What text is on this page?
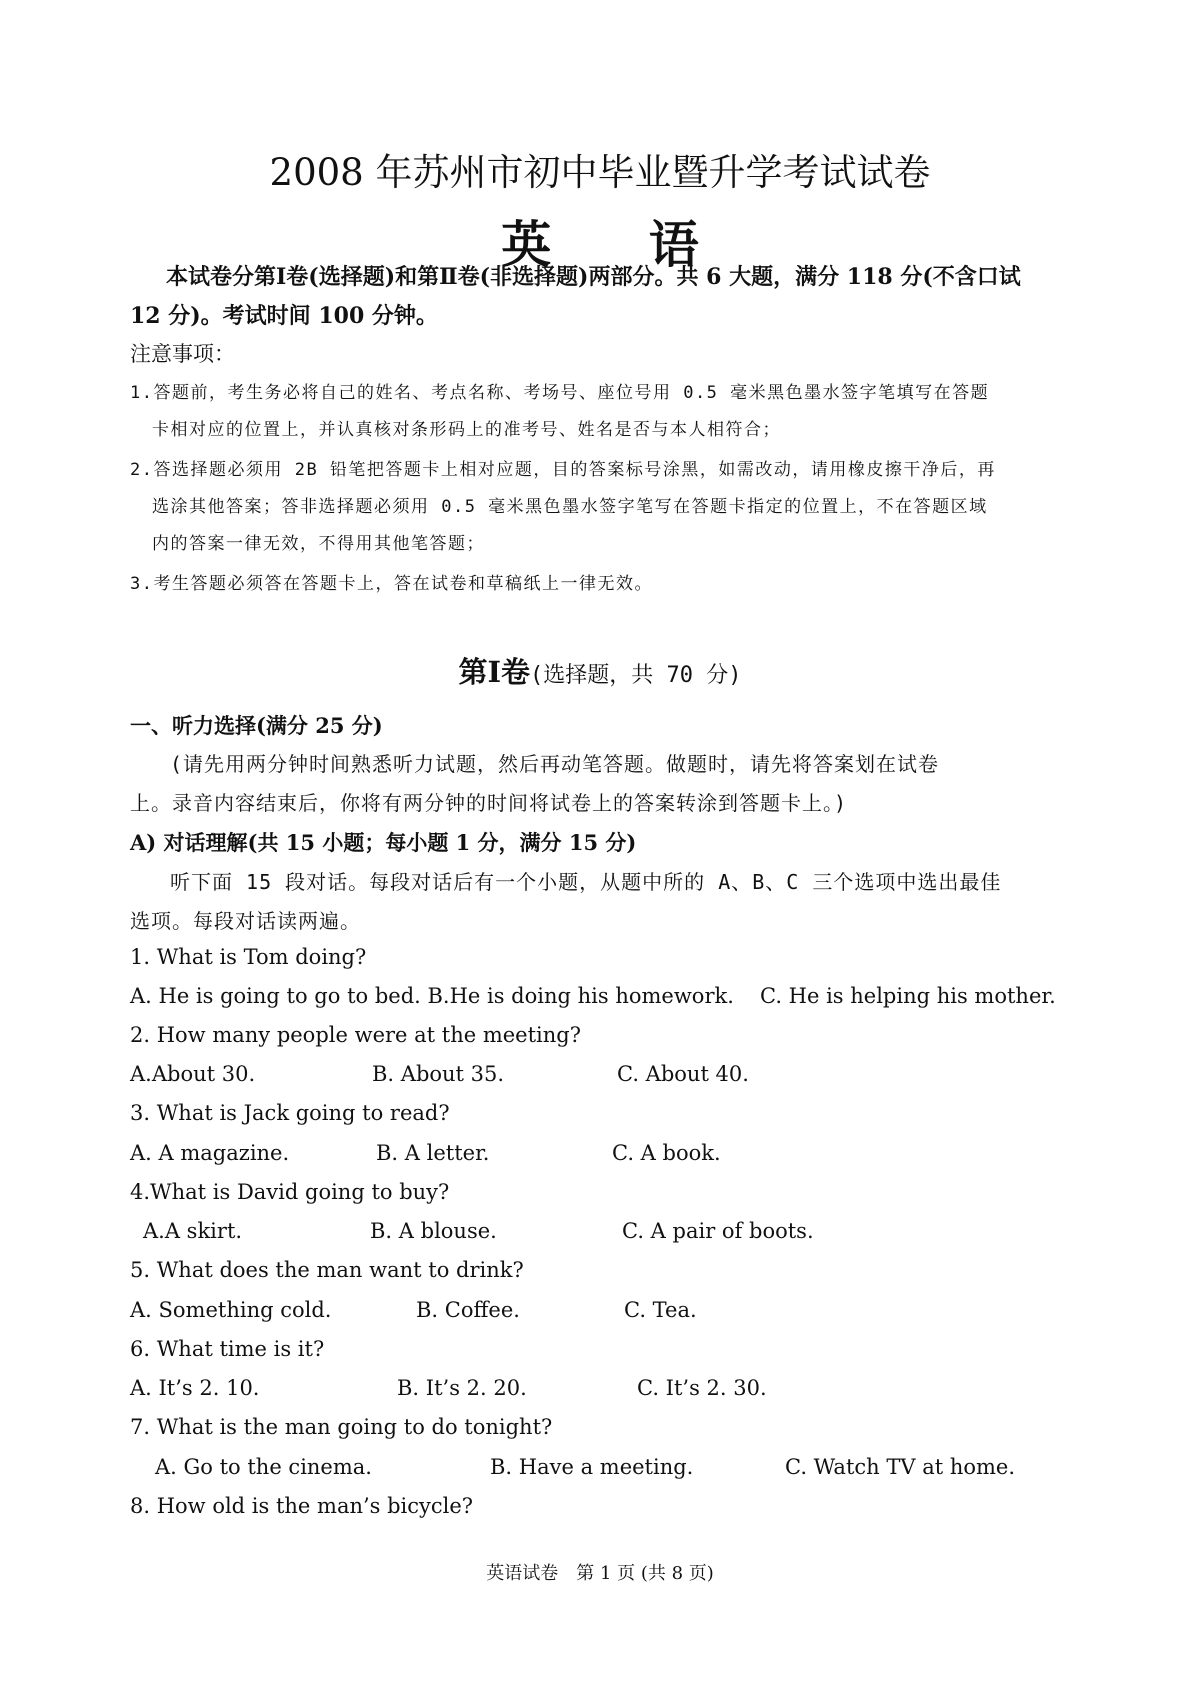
2008 年苏州市初中毕业暨升学考试试卷
英 语
本试卷分第Ⅰ卷(选择题)和第Ⅱ卷(非选择题)两部分。共 6 大题，满分 118 分(不含口试
12 分)。考试时间 100 分钟。
注意事项：
1.答题前，考生务必将自己的姓名、考点名称、考场号、座位号用 0.5 毫米黑色墨水签字笔填写在答题
卡相对应的位置上，并认真核对条形码上的准考号、姓名是否与本人相符合；
2.答选择题必须用 2B 铅笔把答题卡上相对应题，目的答案标号涂黑，如需改动，请用橡皮擦干净后，再
选涂其他答案；答非选择题必须用 0.5 毫米黑色墨水签字笔写在答题卡指定的位置上，不在答题区域
内的答案一律无效，不得用其他笔答题；
3.考生答题必须答在答题卡上，答在试卷和草稿纸上一律无效。
第Ⅰ卷(选择题，共 70 分)
一、听力选择(满分 25 分)
(请先用两分钟时间熟悉听力试题，然后再动笔答题。做题时，请先将答案划在试卷
上。录音内容结束后，你将有两分钟的时间将试卷上的答案转涂到答题卡上。)
A) 对话理解(共 15 小题；每小题 1 分，满分 15 分)
听下面 15 段对话。每段对话后有一个小题，从题中所的 A、B、C 三个选项中选出最佳
选项。每段对话读两遍。
1. What is Tom doing?
A. He is going to go to bed. B.He is doing his homework. C. He is helping his mother.
2. How many people were at the meeting?
A.About 30.	B. About 35.	C. About 40.
3. What is Jack going to read?
A. A magazine.	B. A letter.	C. A book.
4.What is David going to buy?
A.A skirt.	B. A blouse.	C. A pair of boots.
5. What does the man want to drink?
A. Something cold.	B. Coffee.	C. Tea.
6. What time is it?
A. It’s 2. 10.	B. It’s 2. 20.	C. It’s 2. 30.
7. What is the man going to do tonight?
A. Go to the cinema.	B. Have a meeting.	C. Watch TV at home.
8. How old is the man’s bicycle?
英语试卷　第 1 页 (共 8 页)
